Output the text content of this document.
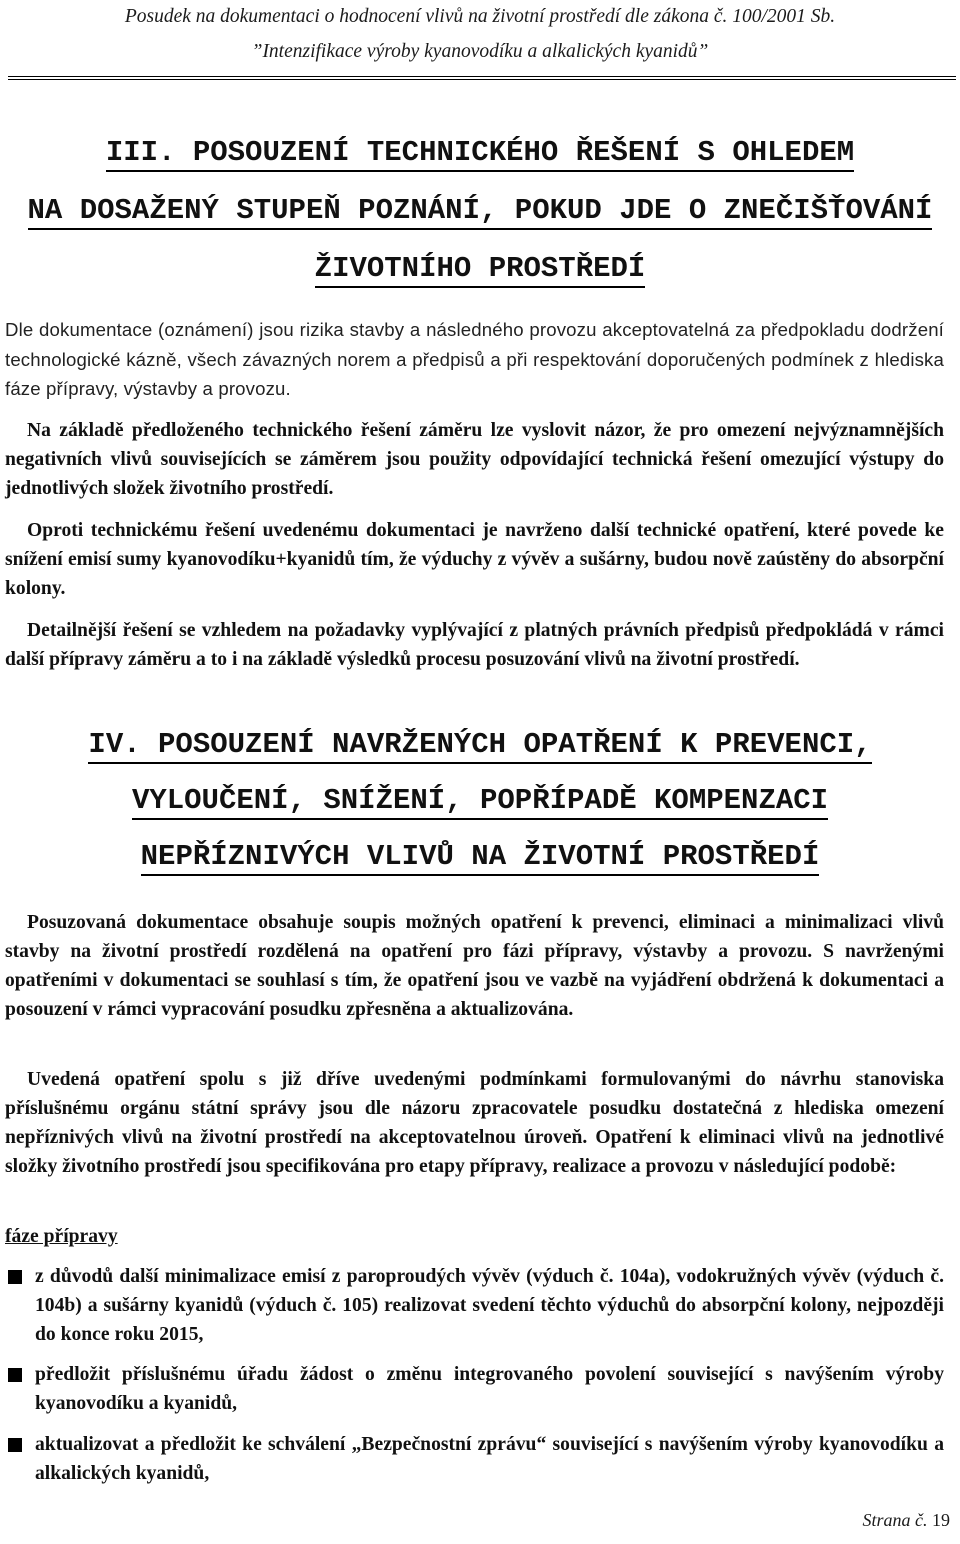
Posudek na dokumentaci o hodnocení vlivů na životní prostředí dle zákona č. 100/2001 Sb.
”Intenzifikace výroby kyanovodíku a alkalických kyanidů”
III. POSOUZENÍ TECHNICKÉHO ŘEŠENÍ S OHLEDEM
NA DOSAŽENÝ STUPEŇ POZNÁNÍ, POKUD JDE O ZNEČIŠŤOVÁNÍ
ŽIVOTNÍHO PROSTŘEDÍ
Dle dokumentace (oznámení) jsou rizika stavby a následného provozu akceptovatelná za předpokladu dodržení technologické kázně, všech závazných norem a předpisů a při respektování doporučených podmínek z hlediska fáze přípravy, výstavby a provozu.
Na základě předloženého technického řešení záměru lze vyslovit názor, že pro omezení nejvýznamnějších negativních vlivů souvisejících se záměrem jsou použity odpovídající technická řešení omezující výstupy do jednotlivých složek životního prostředí.
Oproti technickému řešení uvedenému dokumentaci je navrženo další technické opatření, které povede ke snížení emisí sumy kyanovodíku+kyanidů tím, že výduchy z vývěv a sušárny, budou nově zaústěny do absorpční kolony.
Detailnější řešení se vzhledem na požadavky vyplývající z platných právních předpisů předpokládá v rámci další přípravy záměru a to i na základě výsledků procesu posuzování vlivů na životní prostředí.
IV. POSOUZENÍ NAVRŽENÝCH OPATŘENÍ K PREVENCI,
VYLOUČENÍ, SNÍŽENÍ, POPŘÍPADĚ KOMPENZACI
NEPŘÍZNIVÝCH VLIVŮ NA ŽIVOTNÍ PROSTŘEDÍ
Posuzovaná dokumentace obsahuje soupis možných opatření k prevenci, eliminaci a minimalizaci vlivů stavby na životní prostředí rozdělená na opatření pro fázi přípravy, výstavby a provozu. S navrženými opatřeními v dokumentaci se souhlasí s tím, že opatření jsou ve vazbě na vyjádření obdržená k dokumentaci a posouzení v rámci vypracování posudku zpřesněna a aktualizována.
Uvedená opatření spolu s již dříve uvedenými podmínkami formulovanými do návrhu stanoviska příslušnému orgánu státní správy jsou dle názoru zpracovatele posudku dostatečná z hlediska omezení nepříznivých vlivů na životní prostředí na akceptovatelnou úroveň. Opatření k eliminaci vlivů na jednotlivé složky životního prostředí jsou specifikována pro etapy přípravy, realizace a provozu v následující podobě:
fáze přípravy
z důvodů další minimalizace emisí z paroproudých vývěv (výduch č. 104a), vodokružných vývěv (výduch č. 104b) a sušárny kyanidů (výduch č. 105) realizovat svedení těchto výduchů do absorpční kolony, nejpozději do konce roku 2015,
předložit příslušnému úřadu žádost o změnu integrovaného povolení související s navýšením výroby kyanovodíku a kyanidů,
aktualizovat a předložit ke schválení „Bezpečnostní zprávu“ související s navýšením výroby kyanovodíku a alkalických kyanidů,
Strana č. 19
